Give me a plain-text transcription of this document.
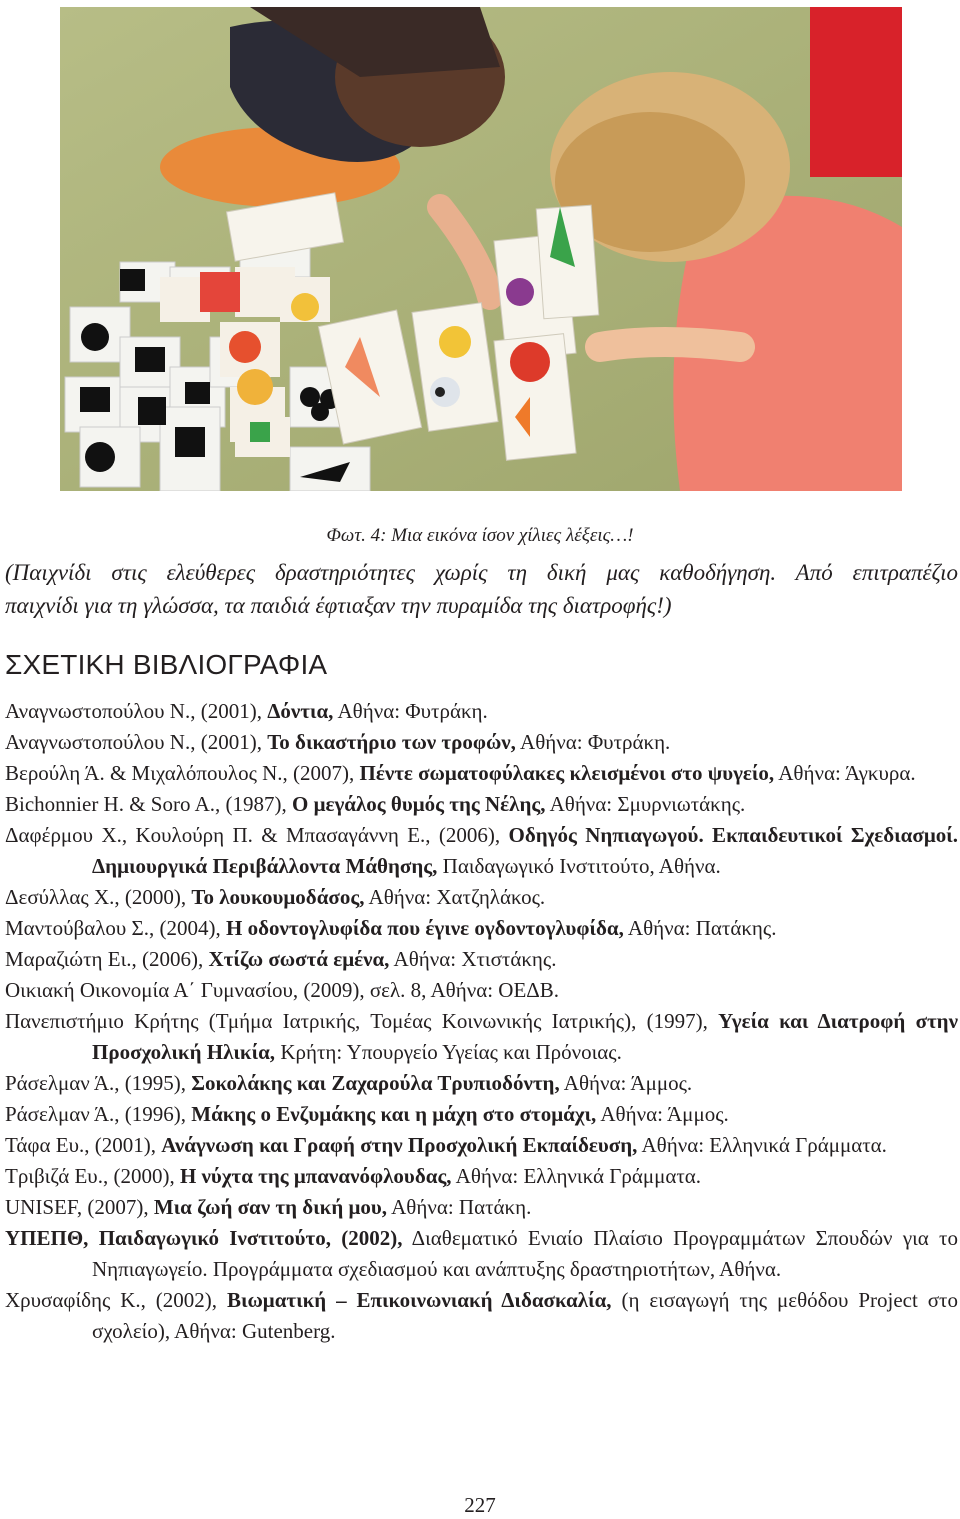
Φωτ. 4: Μια εικόνα ίσον χίλιες λέξεις…!
(Παιχνίδι στις ελεύθερες δραστηριότητες χωρίς τη δική μας καθοδήγηση. Από επιτραπέζιο
παιχνίδι για τη γλώσσα, τα παιδιά έφτιαξαν την πυραμίδα της διατροφής!)
ΣΧΕΤΙΚΗ ΒΙΒΛΙΟΓΡΑΦΙΑ
Αναγνωστοπούλου Ν., (2001), Δόντια, Αθήνα: Φυτράκη.
Αναγνωστοπούλου Ν., (2001), Το δικαστήριο των τροφών, Αθήνα: Φυτράκη.
Βερούλη Ά. & Μιχαλόπουλος Ν., (2007), Πέντε σωματοφύλακες κλεισμένοι στο ψυγείο, Αθήνα: Άγκυρα.
Bichonnier H. & Soro A., (1987), Ο μεγάλος θυμός της Νέλης, Αθήνα: Σμυρνιωτάκης.
Δαφέρμου Χ., Κουλούρη Π. & Μπασαγάννη Ε., (2006), Οδηγός Νηπιαγωγού. Εκπαιδευτικοί Σχεδιασμοί. Δημιουργικά Περιβάλλοντα Μάθησης, Παιδαγωγικό Ινστιτούτο, Αθήνα.
Δεσύλλας Χ., (2000), Το λουκουμοδάσος, Αθήνα: Χατζηλάκος.
Μαντούβαλου Σ., (2004), Η οδοντογλυφίδα που έγινε ογδοντογλυφίδα, Αθήνα: Πατάκης.
Μαραζιώτη Ει., (2006), Χτίζω σωστά εμένα, Αθήνα: Χτιστάκης.
Οικιακή Οικονομία Α΄ Γυμνασίου, (2009), σελ. 8, Αθήνα: ΟΕΔΒ.
Πανεπιστήμιο Κρήτης (Τμήμα Ιατρικής, Τομέας Κοινωνικής Ιατρικής), (1997), Υγεία και Διατροφή στην Προσχολική Ηλικία, Κρήτη: Υπουργείο Υγείας και Πρόνοιας.
Ράσελμαν Ά., (1995), Σοκολάκης και Ζαχαρούλα Τρυπιοδόντη, Αθήνα: Άμμος.
Ράσελμαν Ά., (1996), Μάκης ο Ενζυμάκης και η μάχη στο στομάχι, Αθήνα: Άμμος.
Τάφα Ευ., (2001), Ανάγνωση και Γραφή στην Προσχολική Εκπαίδευση, Αθήνα: Ελληνικά Γράμματα.
Τριβιζά Ευ., (2000), Η νύχτα της μπανανόφλουδας, Αθήνα: Ελληνικά Γράμματα.
UNISEF, (2007), Μια ζωή σαν τη δική μου, Αθήνα: Πατάκη.
ΥΠΕΠΘ, Παιδαγωγικό Ινστιτούτο, (2002), Διαθεματικό Ενιαίο Πλαίσιο Προγραμμάτων Σπουδών για το Νηπιαγωγείο. Προγράμματα σχεδιασμού και ανάπτυξης δραστηριοτήτων, Αθήνα.
Χρυσαφίδης Κ., (2002), Βιωματική – Επικοινωνιακή Διδασκαλία, (η εισαγωγή της μεθόδου Project στο σχολείο), Αθήνα: Gutenberg.
227
